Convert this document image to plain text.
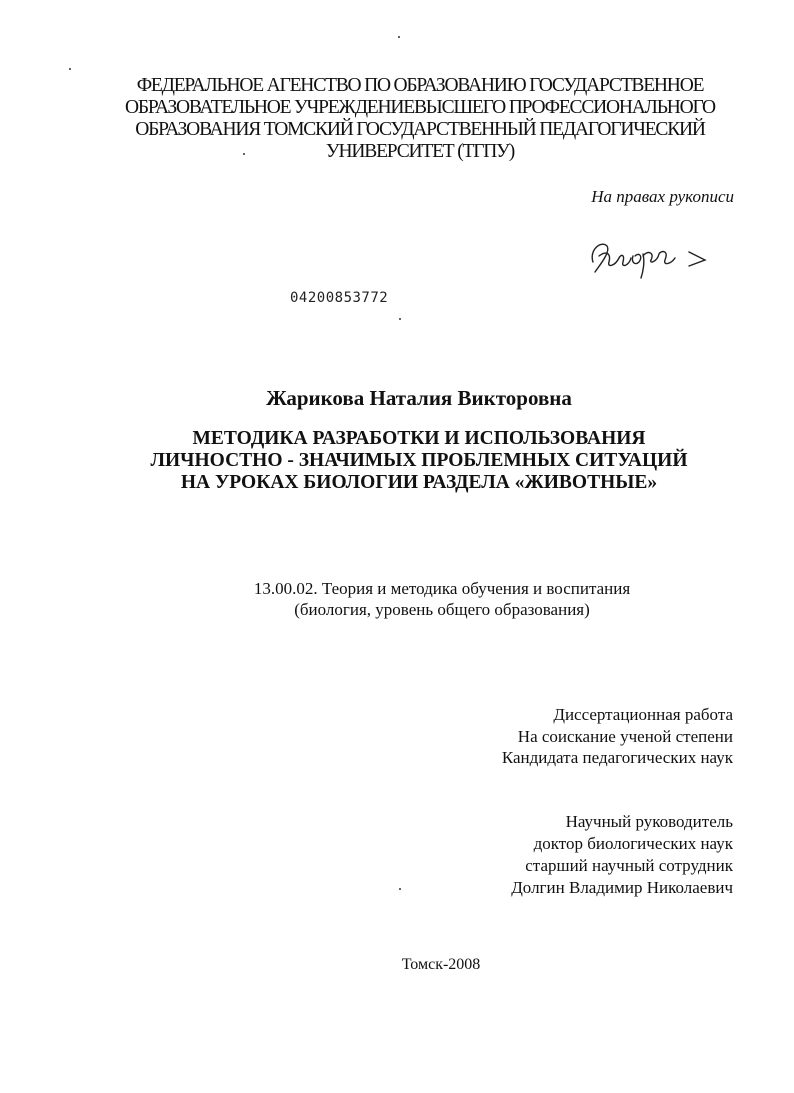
ФЕДЕРАЛЬНОЕ АГЕНСТВО ПО ОБРАЗОВАНИЮ ГОСУДАРСТВЕННОЕ
ОБРАЗОВАТЕЛЬНОЕ УЧРЕЖДЕНИЕВЫСШЕГО ПРОФЕССИОНАЛЬНОГО
ОБРАЗОВАНИЯ ТОМСКИЙ ГОСУДАРСТВЕННЫЙ ПЕДАГОГИЧЕСКИЙ
УНИВЕРСИТЕТ (ТГПУ)
На правах рукописи
04200853772
Жарикова Наталия Викторовна
МЕТОДИКА РАЗРАБОТКИ И ИСПОЛЬЗОВАНИЯ
ЛИЧНОСТНО - ЗНАЧИМЫХ ПРОБЛЕМНЫХ СИТУАЦИЙ
НА УРОКАХ БИОЛОГИИ РАЗДЕЛА «ЖИВОТНЫЕ»
13.00.02. Теория и методика обучения и воспитания
(биология, уровень общего образования)
Диссертационная работа
На соискание ученой степени
Кандидата педагогических наук
Научный руководитель
доктор биологических наук
старший научный сотрудник
Долгин Владимир Николаевич
Томск-2008
